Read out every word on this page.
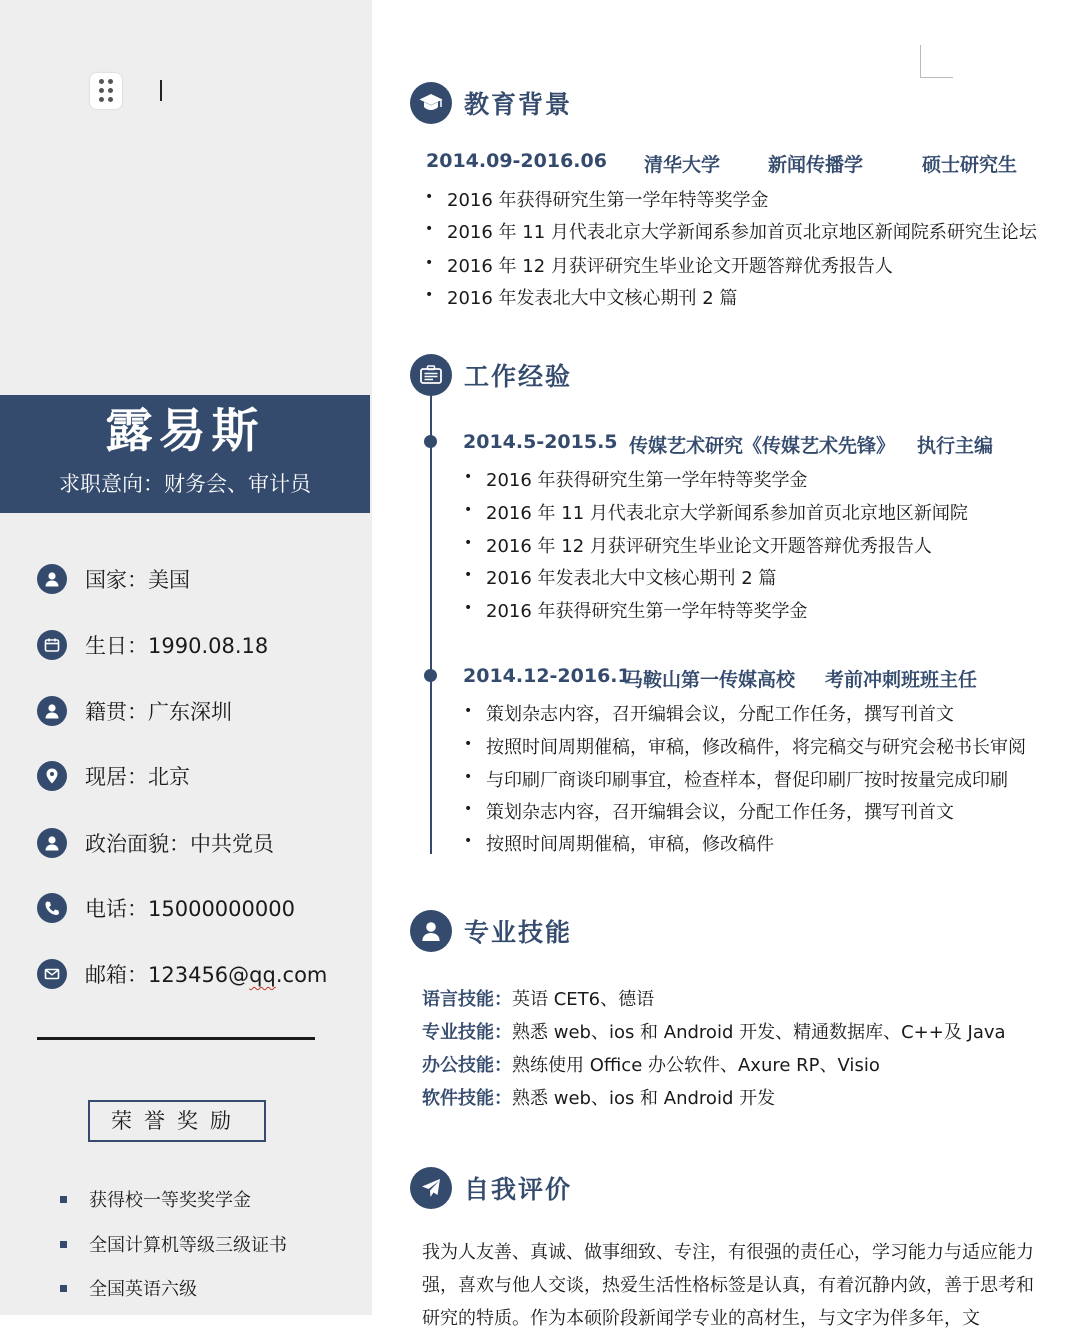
露易斯
求职意向：财务会、审计员
国家：美国
生日：1990.08.18
籍贯：广东深圳
现居：北京
政治面貌：中共党员
电话：15000000000
邮箱：123456@qq.com
荣誉奖励
获得校一等奖奖学金
全国计算机等级三级证书
全国英语六级
教育背景
2014.09-2016.06 清华大学	新闻传播学	硕士研究生
• 2016 年获得研究生第一学年特等奖学金
• 2016 年 11 月代表北京大学新闻系参加首页北京地区新闻院系研究生论坛
• 2016 年 12 月获评研究生毕业论文开题答辩优秀报告人
• 2016 年发表北大中文核心期刊 2 篇
工作经验
2014.5-2015.5 传媒艺术研究《传媒艺术先锋》 执行主编
• 2016 年获得研究生第一学年特等奖学金
• 2016 年 11 月代表北京大学新闻系参加首页北京地区新闻院
• 2016 年 12 月获评研究生毕业论文开题答辩优秀报告人
• 2016 年发表北大中文核心期刊 2 篇
• 2016 年获得研究生第一学年特等奖学金
2014.12-2016.1
马鞍山第一传媒高校 考前冲刺班班主任
• 策划杂志内容，召开编辑会议，分配工作任务，撰写刊首文
• 按照时间周期催稿，审稿，修改稿件，将完稿交与研究会秘书长审阅
• 与印刷厂商谈印刷事宜，检查样本，督促印刷厂按时按量完成印刷
• 策划杂志内容，召开编辑会议，分配工作任务，撰写刊首文
• 按照时间周期催稿，审稿，修改稿件
专业技能
语言技能：英语 CET6、德语
专业技能：熟悉 web、ios 和 Android 开发、精通数据库、C++及 Java
办公技能：熟练使用 Office 办公软件、Axure RP、Visio
软件技能：熟悉 web、ios 和 Android 开发
自我评价
我为人友善、真诚、做事细致、专注，有很强的责任心，学习能力与适应能力强，喜欢与他人交谈，热爱生活性格标签是认真，有着沉静内敛，善于思考和研究的特质。作为本硕阶段新闻学专业的高材生，与文字为伴多年，文
